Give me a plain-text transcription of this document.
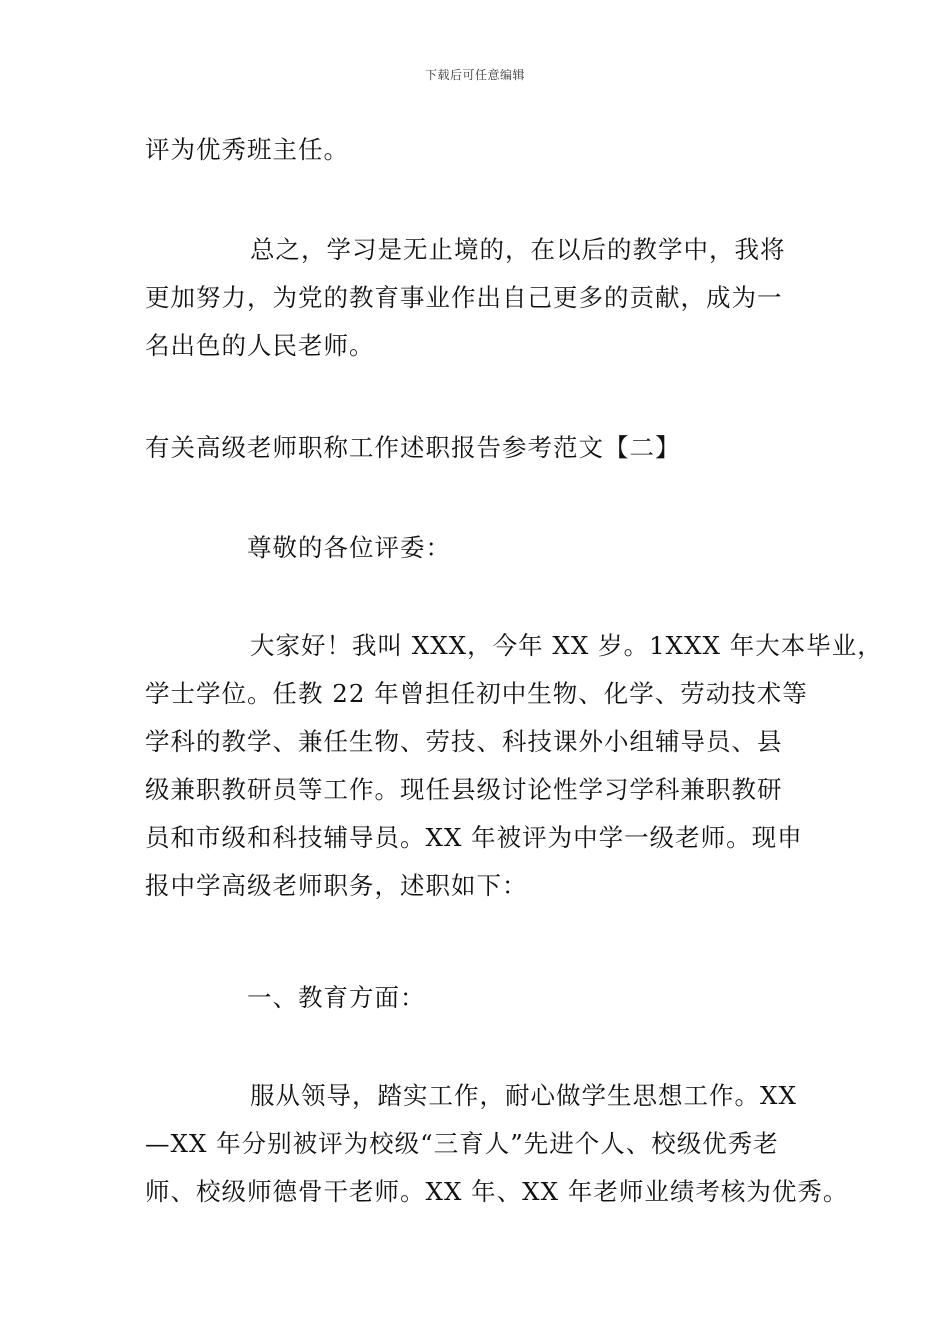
下载后可任意编辑
评为优秀班主任。
总之，学习是无止境的，在以后的教学中，我将
更加努力，为党的教育事业作出自己更多的贡献，成为一
名出色的人民老师。
有关高级老师职称工作述职报告参考范文【二】
尊敬的各位评委：
大家好！我叫 XXX，今年 XX 岁。1XXX 年大本毕业，
学士学位。任教 22 年曾担任初中生物、化学、劳动技术等
学科的教学、兼任生物、劳技、科技课外小组辅导员、县
级兼职教研员等工作。现任县级讨论性学习学科兼职教研
员和市级和科技辅导员。XX 年被评为中学一级老师。现申
报中学高级老师职务，述职如下：
一、教育方面：
服从领导，踏实工作，耐心做学生思想工作。XX
—XX 年分别被评为校级“三育人”先进个人、校级优秀老
师、校级师德骨干老师。XX 年、XX 年老师业绩考核为优秀。
